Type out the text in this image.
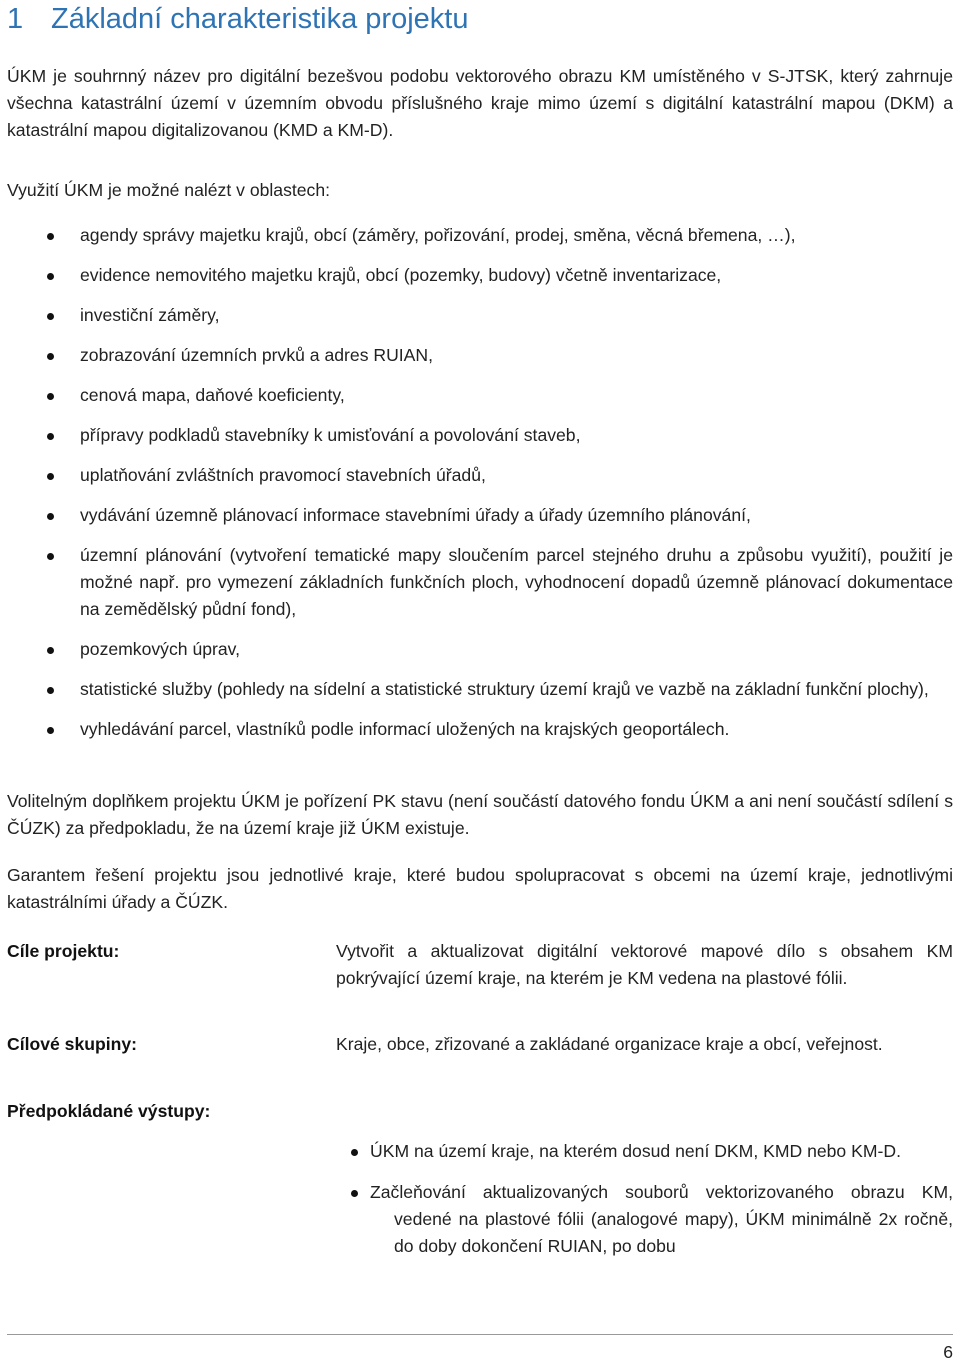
1 Základní charakteristika projektu
ÚKM je souhrnný název pro digitální bezešvou podobu vektorového obrazu KM umístěného v S-JTSK, který zahrnuje všechna katastrální území v územním obvodu příslušného kraje mimo území s digitální katastrální mapou (DKM) a katastrální mapou digitalizovanou (KMD a KM-D).
Využití ÚKM je možné nalézt v oblastech:
agendy správy majetku krajů, obcí (záměry, pořizování, prodej, směna, věcná břemena, …),
evidence nemovitého majetku krajů, obcí (pozemky, budovy) včetně inventarizace,
investiční záměry,
zobrazování územních prvků a adres RUIAN,
cenová mapa, daňové koeficienty,
přípravy podkladů stavebníky k umisťování a povolování staveb,
uplatňování zvláštních pravomocí stavebních úřadů,
vydávání územně plánovací informace stavebními úřady a úřady územního plánování,
územní plánování (vytvoření tematické mapy sloučením parcel stejného druhu a způsobu využití), použití je možné např. pro vymezení základních funkčních ploch, vyhodnocení dopadů územně plánovací dokumentace na zemědělský půdní fond),
pozemkových úprav,
statistické služby (pohledy na sídelní a statistické struktury území krajů ve vazbě na základní funkční plochy),
vyhledávání parcel, vlastníků podle informací uložených na krajských geoportálech.
Volitelným doplňkem projektu ÚKM je pořízení PK stavu (není součástí datového fondu ÚKM a ani není součástí sdílení s ČÚZK) za předpokladu, že na území kraje již ÚKM existuje.
Garantem řešení projektu jsou jednotlivé kraje, které budou spolupracovat s obcemi na území kraje, jednotlivými katastrálními úřady a ČÚZK.
Cíle projektu:	Vytvořit a aktualizovat digitální vektorové mapové dílo s obsahem KM pokrývající území kraje, na kterém je KM vedena na plastové fólii.
Cílové skupiny:	Kraje, obce, zřizované a zakládané organizace kraje a obcí, veřejnost.
Předpokládané výstupy:
ÚKM na území kraje, na kterém dosud není DKM, KMD nebo KM-D.
Začleňování aktualizovaných souborů vektorizovaného obrazu KM, vedené na plastové fólii (analogové mapy), ÚKM minimálně 2x ročně, do doby dokončení RUIAN, po dobu
6
